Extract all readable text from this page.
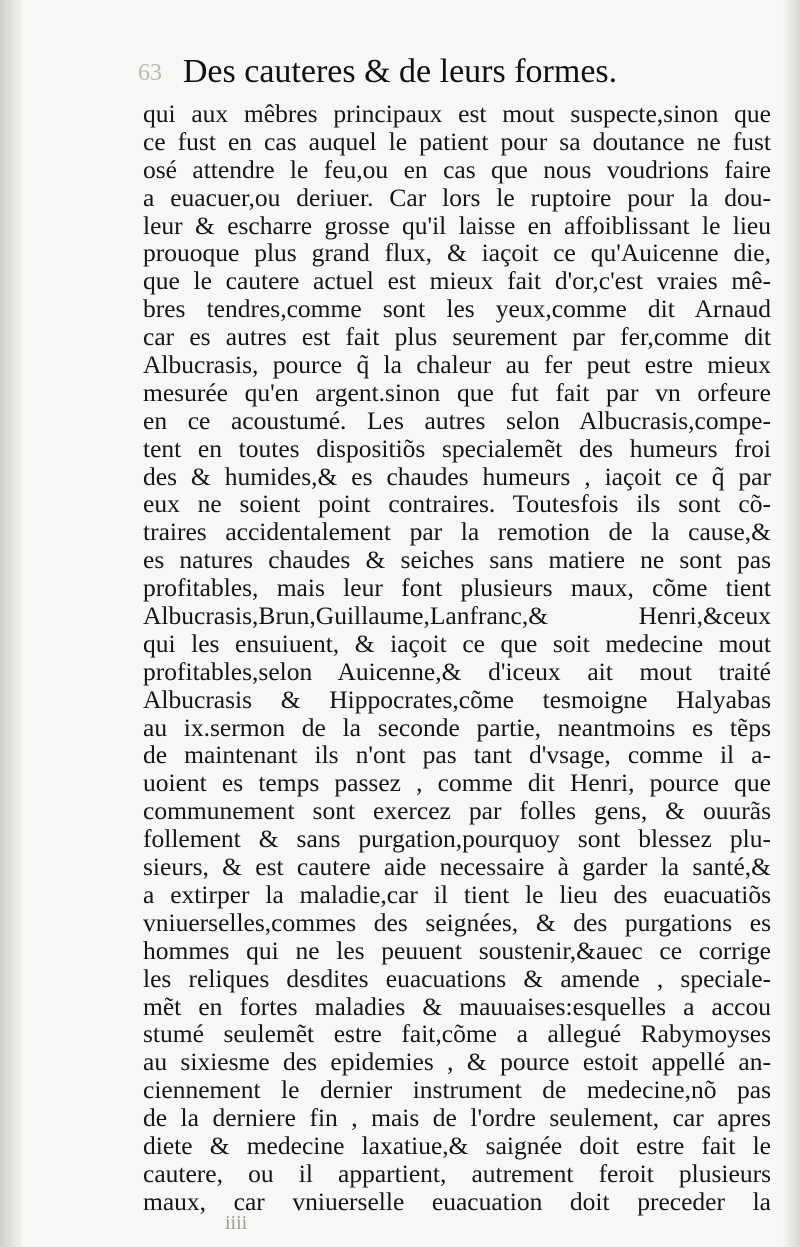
63 Des cauteres & de leurs formes.
qui aux mêbres principaux est mout suspecte,sinon que
ce fust en cas auquel le patient pour sa doutance ne fust
osé attendre le feu,ou en cas que nous voudrions faire
a euacuer,ou deriuer. Car lors le ruptoire pour la dou-
leur & escharre grosse qu'il laisse en affoiblissant le lieu
prouoque plus grand flux, & iaçoit ce qu'Auicenne die,
que le cautere actuel est mieux fait d'or,c'est vraies mê-
bres tendres,comme sont les yeux,comme dit Arnaud
car es autres est fait plus seurement par fer,comme dit
Albucrasis, pource q̃ la chaleur au fer peut estre mieux
mesurée qu'en argent.sinon que fut fait par vn orfeure
en ce acoustumé. Les autres selon Albucrasis,compe-
tent en toutes dispositiõs specialemẽt des humeurs froi
des & humides,& es chaudes humeurs , iaçoit ce q̃ par
eux ne soient point contraires. Toutesfois ils sont cõ-
traires accidentalement par la remotion de la cause,&
es natures chaudes & seiches sans matiere ne sont pas
profitables, mais leur font plusieurs maux, cõme tient
Albucrasis,Brun,Guillaume,Lanfranc,& Henri,&ceux
qui les ensuiuent, & iaçoit ce que soit medecine mout
profitables,selon Auicenne,& d'iceux ait mout traité
Albucrasis & Hippocrates,cõme tesmoigne Halyabas
au ix.sermon de la seconde partie, neantmoins es tẽps
de maintenant ils n'ont pas tant d'vsage, comme il a-
uoient es temps passez , comme dit Henri, pource que
communement sont exercez par folles gens, & ouurãs
follement & sans purgation,pourquoy sont blessez plu-
sieurs, & est cautere aide necessaire à garder la santé,&
a extirper la maladie,car il tient le lieu des euacuatiõs
vniuerselles,commes des seignées, & des purgations es
hommes qui ne les peuuent soustenir,&auec ce corrige
les reliques desdites euacuations & amende , speciale-
mẽt en fortes maladies & mauuaises:esquelles a accou
stumé seulemẽt estre fait,cõme a allegué Rabymoyses
au sixiesme des epidemies , & pource estoit appellé an-
ciennement le dernier instrument de medecine,nõ pas
de la derniere fin , mais de l'ordre seulement, car apres
diete & medecine laxatiue,& saignée doit estre fait le
cautere, ou il appartient, autrement feroit plusieurs
maux, car vniuerselle euacuation doit preceder la
iiii
